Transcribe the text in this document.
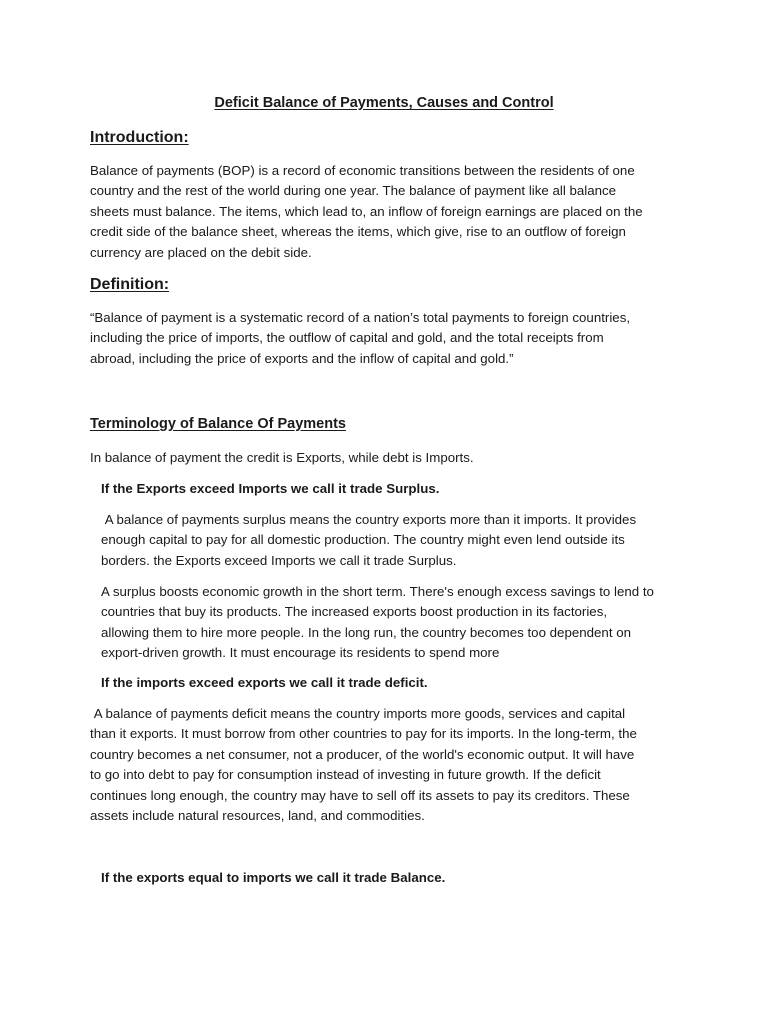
Deficit Balance of Payments, Causes and Control
Introduction:

Balance of payments (BOP) is a record of economic transitions between the residents of one
country and the rest of the world during one year. The balance of payment like all balance
sheets must balance. The items, which lead to, an inflow of foreign earnings are placed on the
credit side of the balance sheet, whereas the items, which give, rise to an outflow of foreign
currency are placed on the debit side.

Definition:

“Balance of payment is a systematic record of a nation’s total payments to foreign countries,
including the price of imports, the outflow of capital and gold, and the total receipts from
abroad, including the price of exports and the inflow of capital and gold.”

Terminology of Balance Of Payments

In balance of payment the credit is Exports, while debt is Imports.

If the Exports exceed Imports we call it trade Surplus.

A balance of payments surplus means the country exports more than it imports. It provides
enough capital to pay for all domestic production. The country might even lend outside its
borders. the Exports exceed Imports we call it trade Surplus.

A surplus boosts economic growth in the short term. There's enough excess savings to lend to
countries that buy its products. The increased exports boost production in its factories,
allowing them to hire more people. In the long run, the country becomes too dependent on
export-driven growth. It must encourage its residents to spend more

If the imports exceed exports we call it trade deficit.

A balance of payments deficit means the country imports more goods, services and capital
than it exports. It must borrow from other countries to pay for its imports. In the long-term, the
country becomes a net consumer, not a producer, of the world's economic output. It will have
to go into debt to pay for consumption instead of investing in future growth. If the deficit
continues long enough, the country may have to sell off its assets to pay its creditors. These
assets include natural resources, land, and commodities.

If the exports equal to imports we call it trade Balance.
